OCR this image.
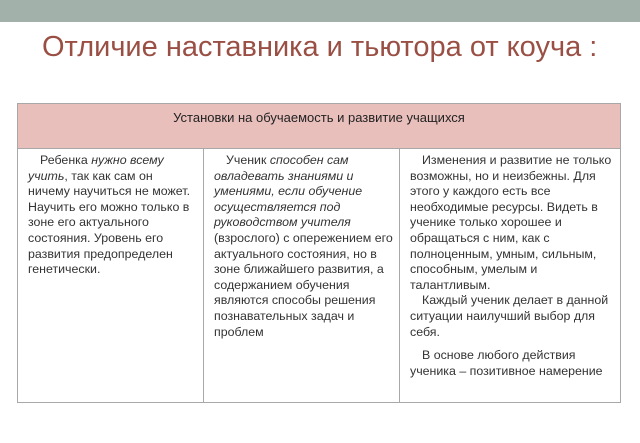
Отличие наставника и тьютора от коуча :
Установки на обучаемость и развитие учащихся

Ребенка нужно всему учить, так как сам он ничему научиться не может. Научить его можно только в зоне его актуального состояния. Уровень его развития предопределен генетически.

Ученик способен сам овладевать знаниями и умениями, если обучение осуществляется под руководством учителя (взрослого) с опережением его актуального состояния, но в зоне ближайшего развития, а содержанием обучения являются способы решения познавательных задач и проблем

Изменения и развитие не только возможны, но и неизбежны. Для этого у каждого есть все необходимые ресурсы. Видеть в ученике только хорошее и обращаться с ним, как с полноценным, умным, сильным, способным, умелым и талантливым.

Каждый ученик делает в данной ситуации наилучший выбор для себя.

В основе любого действия ученика – позитивное намерение
